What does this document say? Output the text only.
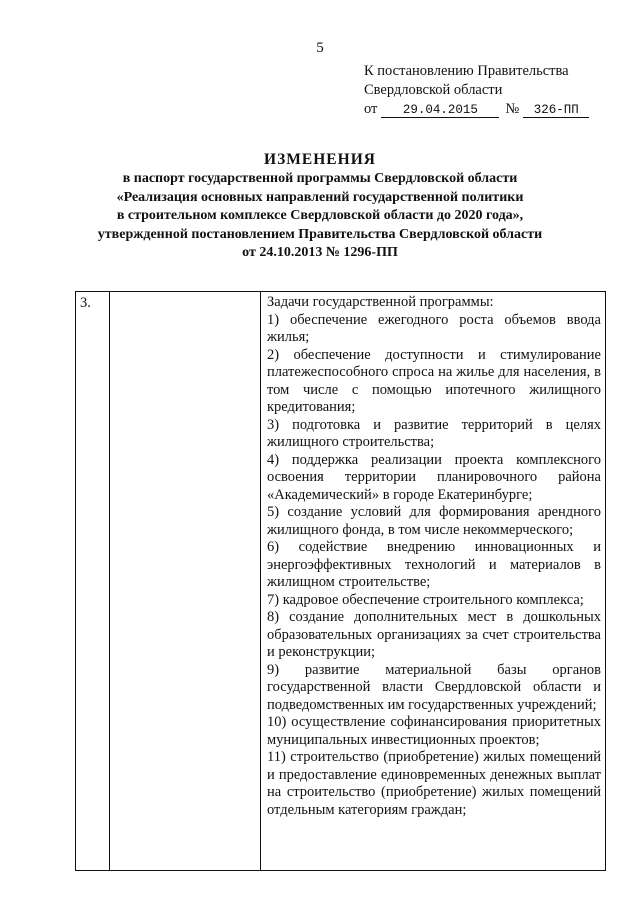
5
К постановлению Правительства
Свердловской области
от 29.04.2015 № 326-ПП
ИЗМЕНЕНИЯ
в паспорт государственной программы Свердловской области
«Реализация основных направлений государственной политики
в строительном комплексе Свердловской области до 2020 года»,
утвержденной постановлением Правительства Свердловской области
от 24.10.2013 № 1296-ПП
3.		Задачи государственной программы:
1) обеспечение ежегодного роста объемов ввода жилья;
2) обеспечение доступности и стимулирование платежеспособного спроса на жилье для населения, в том числе с помощью ипотечного жилищного кредитования;
3) подготовка и развитие территорий в целях жилищного строительства;
4) поддержка реализации проекта комплексного освоения территории планировочного района «Академический» в городе Екатеринбурге;
5) создание условий для формирования арендного жилищного фонда, в том числе некоммерческого;
6) содействие внедрению инновационных и энергоэффективных технологий и материалов в жилищном строительстве;
7) кадровое обеспечение строительного комплекса;
8) создание дополнительных мест в дошкольных образовательных организациях за счет строительства и реконструкции;
9) развитие материальной базы органов государственной власти Свердловской области и подведомственных им государственных учреждений;
10) осуществление софинансирования приоритетных муниципальных инвестиционных проектов;
11) строительство (приобретение) жилых помещений и предоставление единовременных денежных выплат на строительство (приобретение) жилых помещений отдельным категориям граждан;
